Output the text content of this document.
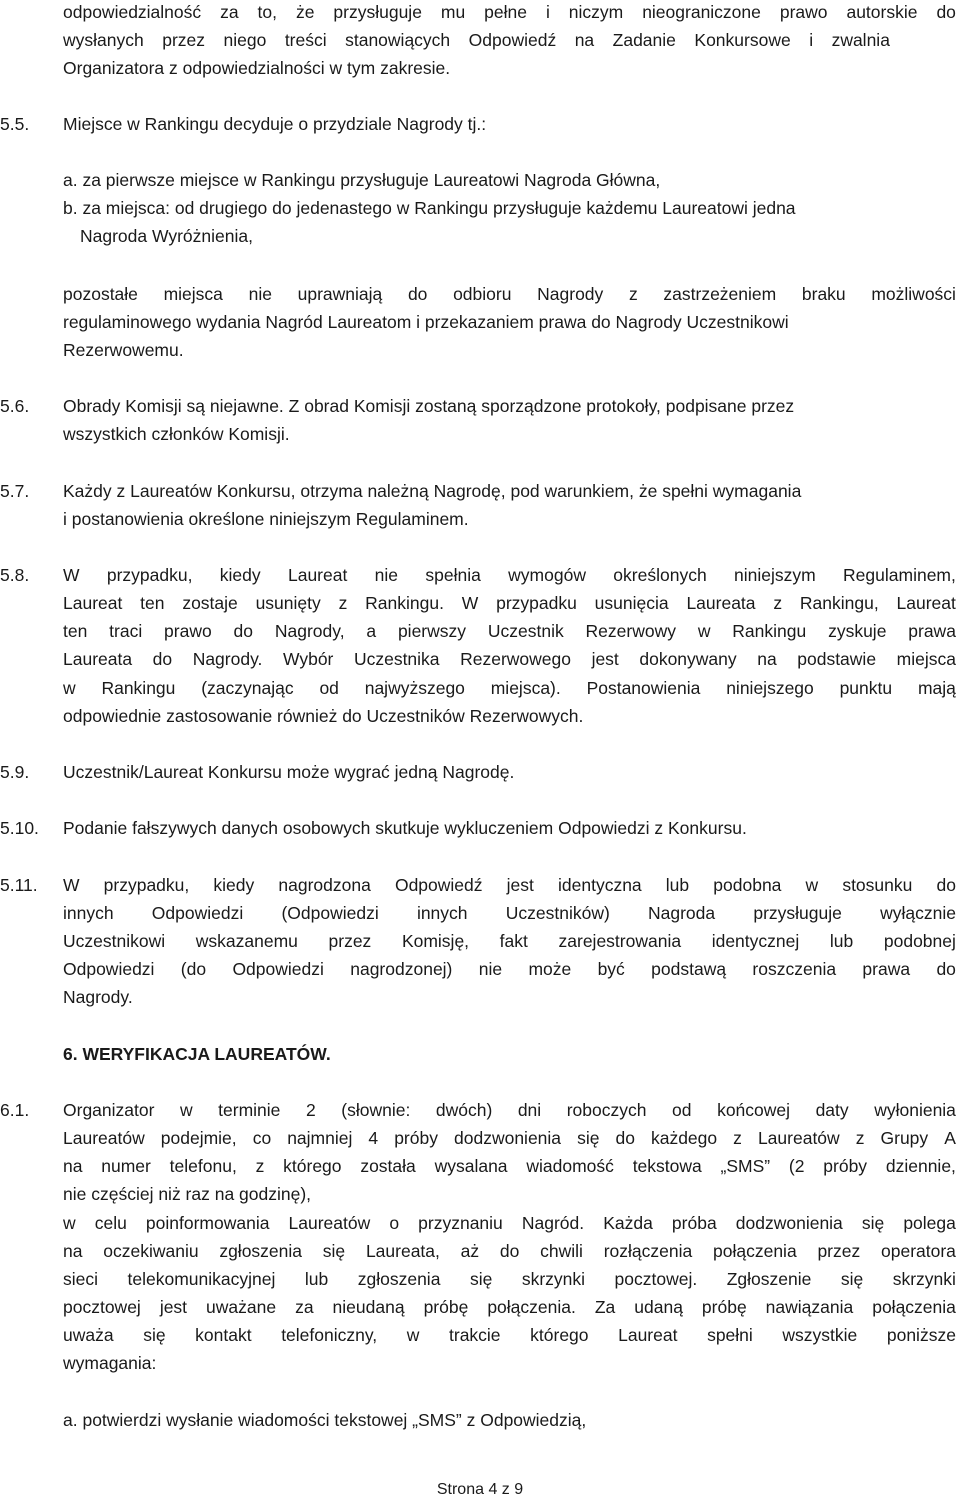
odpowiedzialność za to, że przysługuje mu pełne i niczym nieograniczone prawo autorskie do
wysłanych przez niego treści stanowiących Odpowiedź na Zadanie Konkursowe i zwalnia
Organizatora z odpowiedzialności w tym zakresie.
5.5. Miejsce w Rankingu decyduje o przydziale Nagrody tj.:
a. za pierwsze miejsce w Rankingu przysługuje Laureatowi Nagroda Główna,
b. za miejsca: od drugiego do jedenastego w Rankingu przysługuje każdemu Laureatowi jedna
Nagroda Wyróżnienia,
pozostałe miejsca nie uprawniają do odbioru Nagrody z zastrzeżeniem braku możliwości
regulaminowego wydania Nagród Laureatom i przekazaniem prawa do Nagrody Uczestnikowi
Rezerwowemu.
5.6.	Obrady Komisji są niejawne. Z obrad Komisji zostaną sporządzone protokoły, podpisane przez
wszystkich członków Komisji.
5.7.	Każdy z Laureatów Konkursu, otrzyma należną Nagrodę, pod warunkiem, że spełni wymagania
i postanowienia określone niniejszym Regulaminem.
5.8.	W przypadku, kiedy Laureat nie spełnia wymogów określonych niniejszym Regulaminem,
Laureat ten zostaje usunięty z Rankingu. W przypadku usunięcia Laureata z Rankingu, Laureat
ten traci prawo do Nagrody, a pierwszy Uczestnik Rezerwowy w Rankingu zyskuje prawa
Laureata do Nagrody. Wybór Uczestnika Rezerwowego jest dokonywany na podstawie miejsca
w Rankingu (zaczynając od najwyższego miejsca). Postanowienia niniejszego punktu mają
odpowiednie zastosowanie również do Uczestników Rezerwowych.
5.9.	Uczestnik/Laureat Konkursu może wygrać jedną Nagrodę.
5.10.	Podanie fałszywych danych osobowych skutkuje wykluczeniem Odpowiedzi z Konkursu.
5.11.	W przypadku, kiedy nagrodzona Odpowiedź jest identyczna lub podobna w stosunku do
innych Odpowiedzi (Odpowiedzi innych Uczestników) Nagroda przysługuje wyłącznie
Uczestnikowi wskazanemu przez Komisję, fakt zarejestrowania identycznej lub podobnej
Odpowiedzi (do Odpowiedzi nagrodzonej) nie może być podstawą roszczenia prawa do
Nagrody.
6. WERYFIKACJA LAUREATÓW.
6.1.	Organizator w terminie 2 (słownie: dwóch) dni roboczych od końcowej daty wyłonienia
Laureatów podejmie, co najmniej 4 próby dodzwonienia się do każdego z Laureatów z Grupy A
na numer telefonu, z którego została wysalana wiadomość tekstowa „SMS” (2 próby dziennie,
nie częściej niż raz na godzinę),
w celu poinformowania Laureatów o przyznaniu Nagród. Każda próba dodzwonienia się polega
na oczekiwaniu zgłoszenia się Laureata, aż do chwili rozłączenia połączenia przez operatora
sieci telekomunikacyjnej lub zgłoszenia się skrzynki pocztowej. Zgłoszenie się skrzynki
pocztowej jest uważane za nieudaną próbę połączenia. Za udaną próbę nawiązania połączenia
uważa się kontakt telefoniczny, w trakcie którego Laureat spełni wszystkie poniższe
wymagania:
a. potwierdzi wysłanie wiadomości tekstowej „SMS” z Odpowiedzią,
Strona 4 z 9
